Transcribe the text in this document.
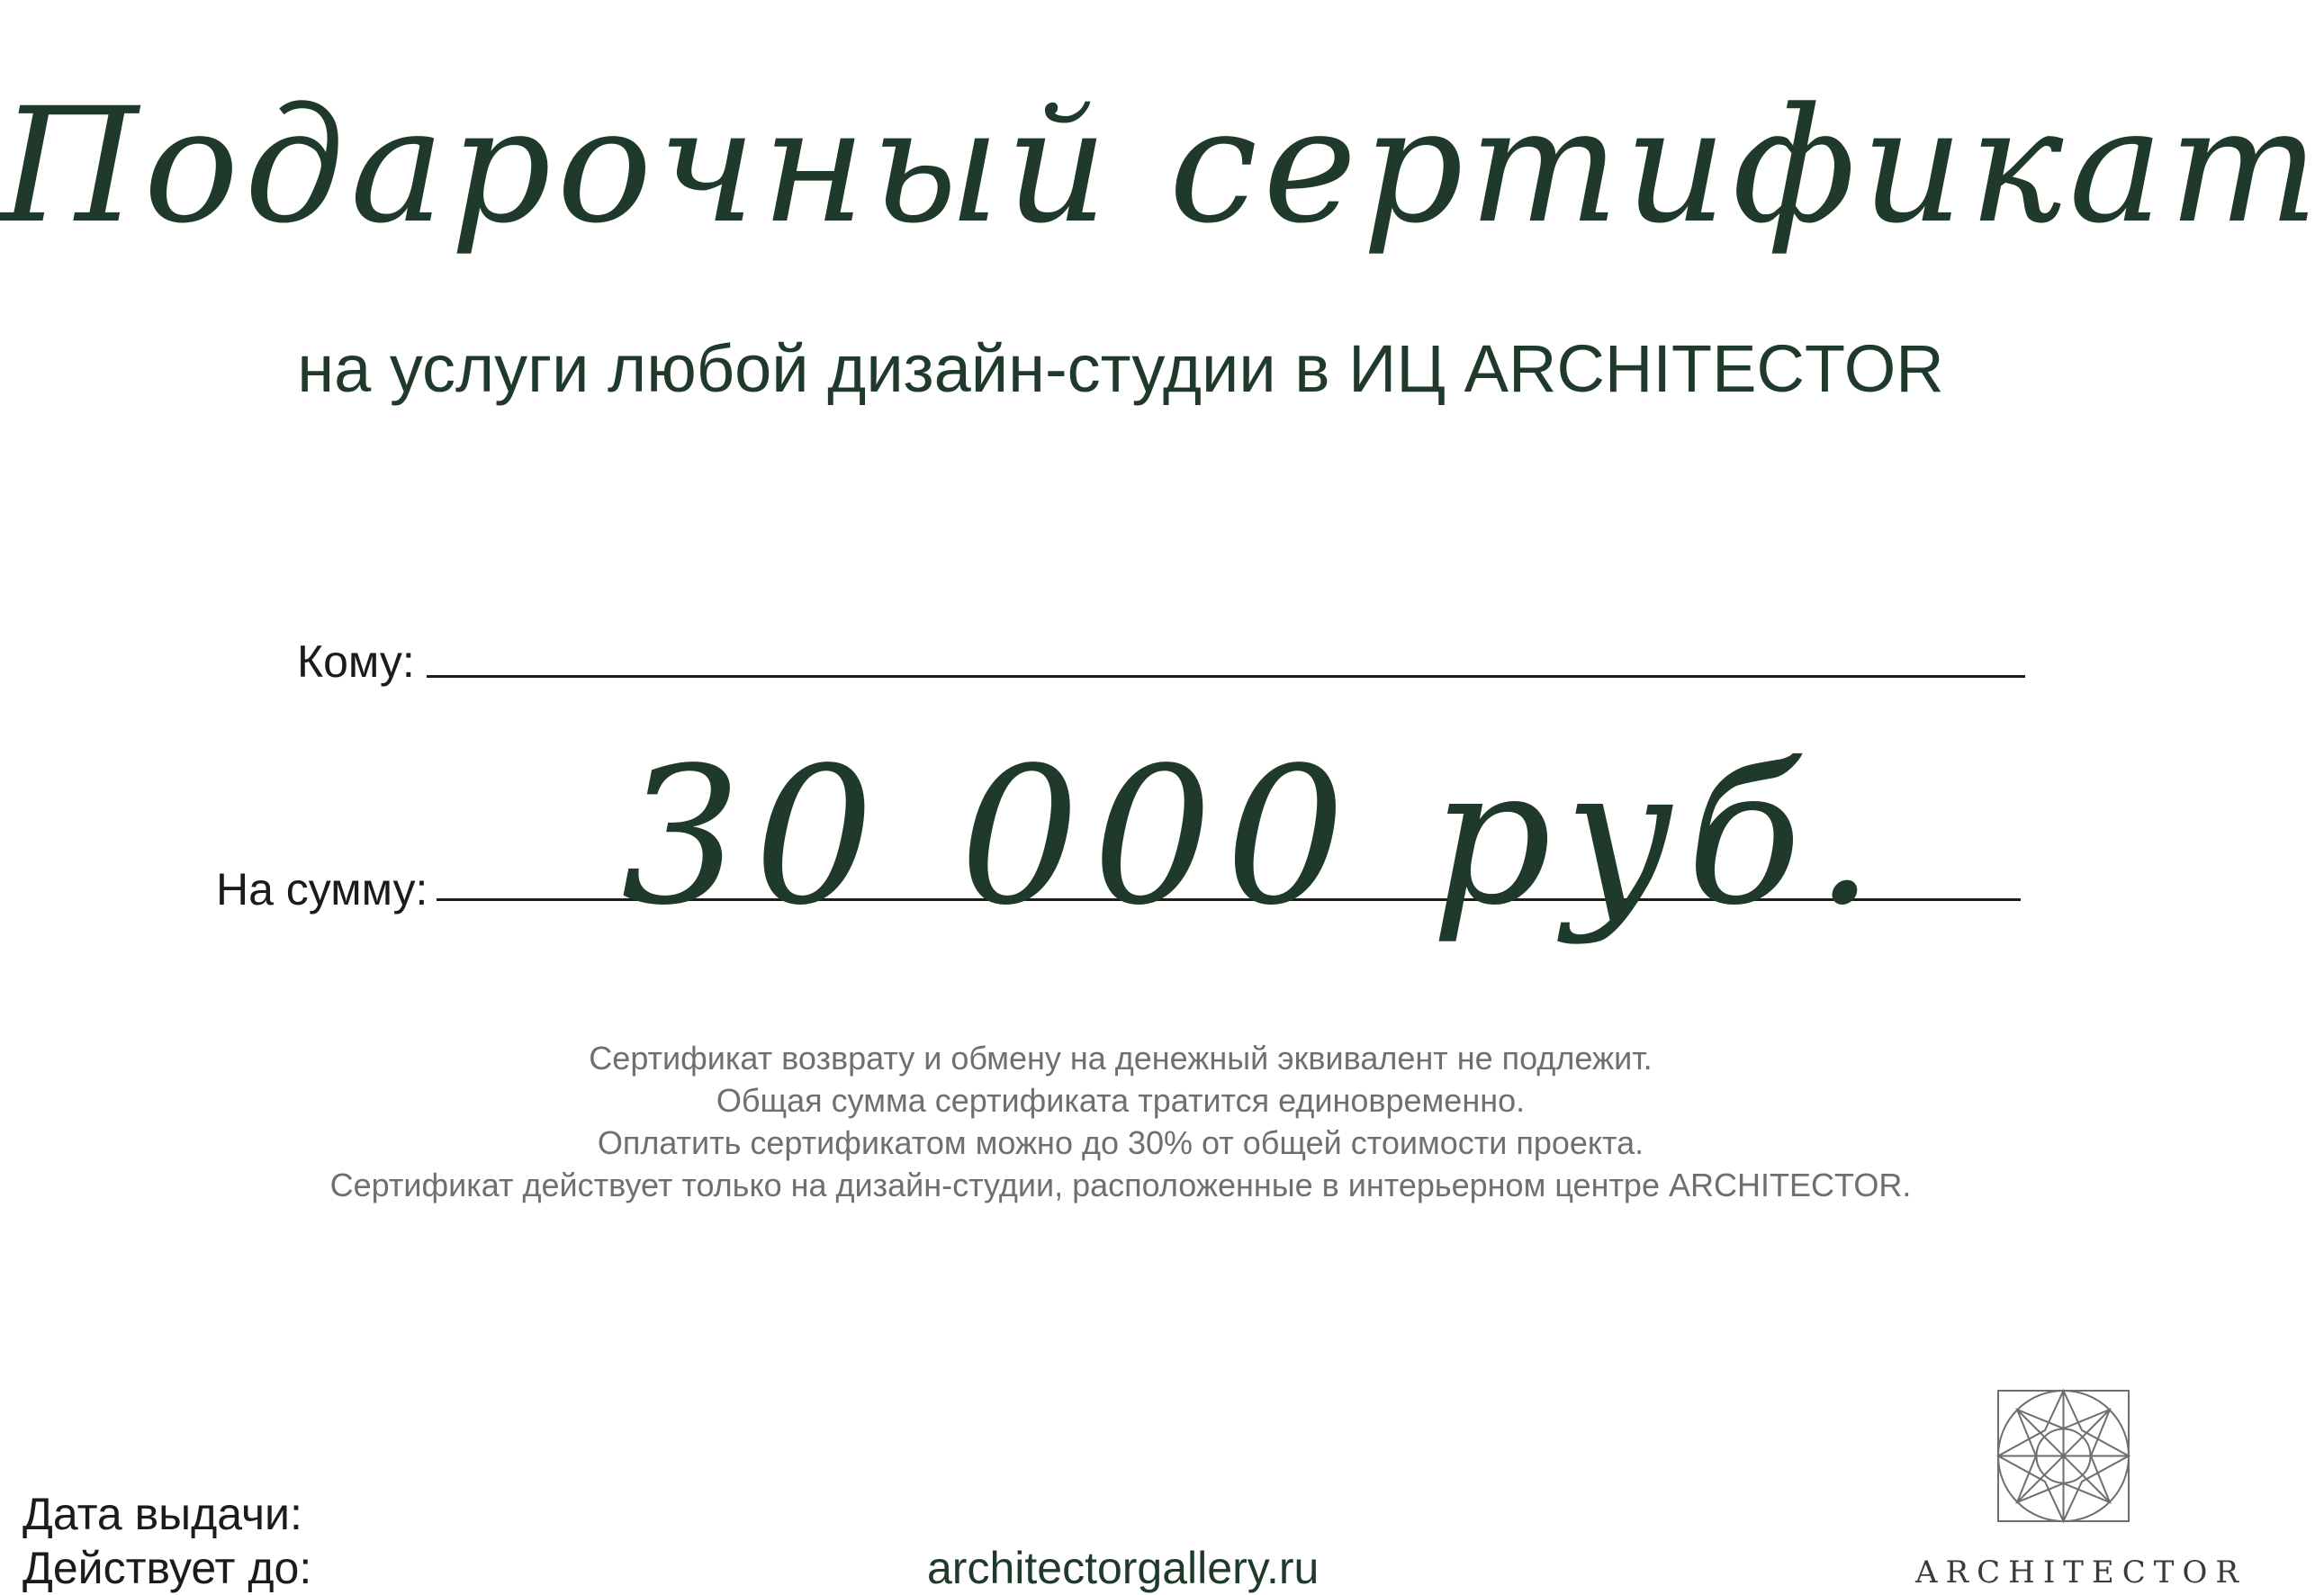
Подарочный сертификат
на услуги любой дизайн-студии в ИЦ ARCHITECTOR
Кому:
На сумму: 30 000 руб.
Сертификат возврату и обмену на денежный эквивалент не подлежит.
Общая сумма сертификата тратится единовременно.
Оплатить сертификатом можно до 30% от общей стоимости проекта.
Сертификат действует только на дизайн-студии, расположенные в интерьерном центре ARCHITECTOR.
Дата выдачи:
Действует до:	architectorgallery.ru	ARCHITECTOR
